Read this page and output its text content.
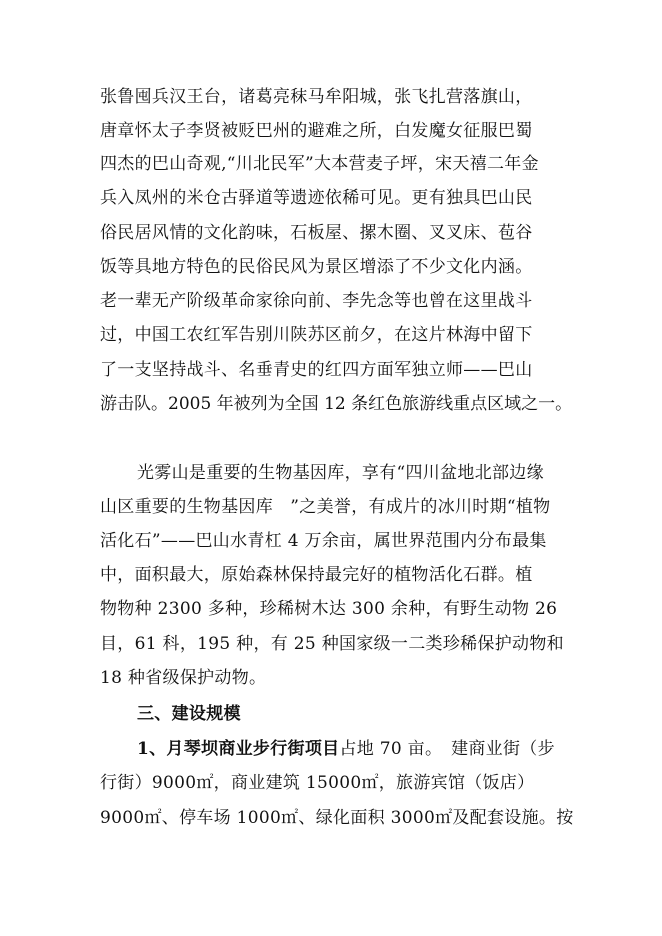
张鲁囤兵汉王台，诸葛亮秣马牟阳城，张飞扎营落旗山，
唐章怀太子李贤被贬巴州的避难之所，白发魔女征服巴蜀
四杰的巴山奇观,“川北民军”大本营麦子坪，宋天禧二年金
兵入凤州的米仓古驿道等遗迹依稀可见。更有独具巴山民
俗民居风情的文化韵味，石板屋、摞木圈、叉叉床、苞谷
饭等具地方特色的民俗民风为景区增添了不少文化内涵。
老一辈无产阶级革命家徐向前、李先念等也曾在这里战斗
过，中国工农红军告别川陕苏区前夕，在这片林海中留下
了一支坚持战斗、名垂青史的红四方面军独立师——巴山
游击队。2005 年被列为全国 12 条红色旅游线重点区域之一。
光雾山是重要的生物基因库，享有“四川盆地北部边缘
山区重要的生物基因库　”之美誉，有成片的冰川时期“植物
活化石”——巴山水青杠 4 万余亩，属世界范围内分布最集
中，面积最大，原始森林保持最完好的植物活化石群。植
物物种 2300 多种，珍稀树木达 300 余种，有野生动物 26
目，61 科，195 种，有 25 种国家级一二类珍稀保护动物和
18 种省级保护动物。
三、建设规模
1、月琴坝商业步行街项目占地 70 亩。　建商业街（步
行街）9000㎡，商业建筑 15000㎡，旅游宾馆（饭店）
9000㎡、停车场 1000㎡、绿化面积 3000㎡及配套设施。按
